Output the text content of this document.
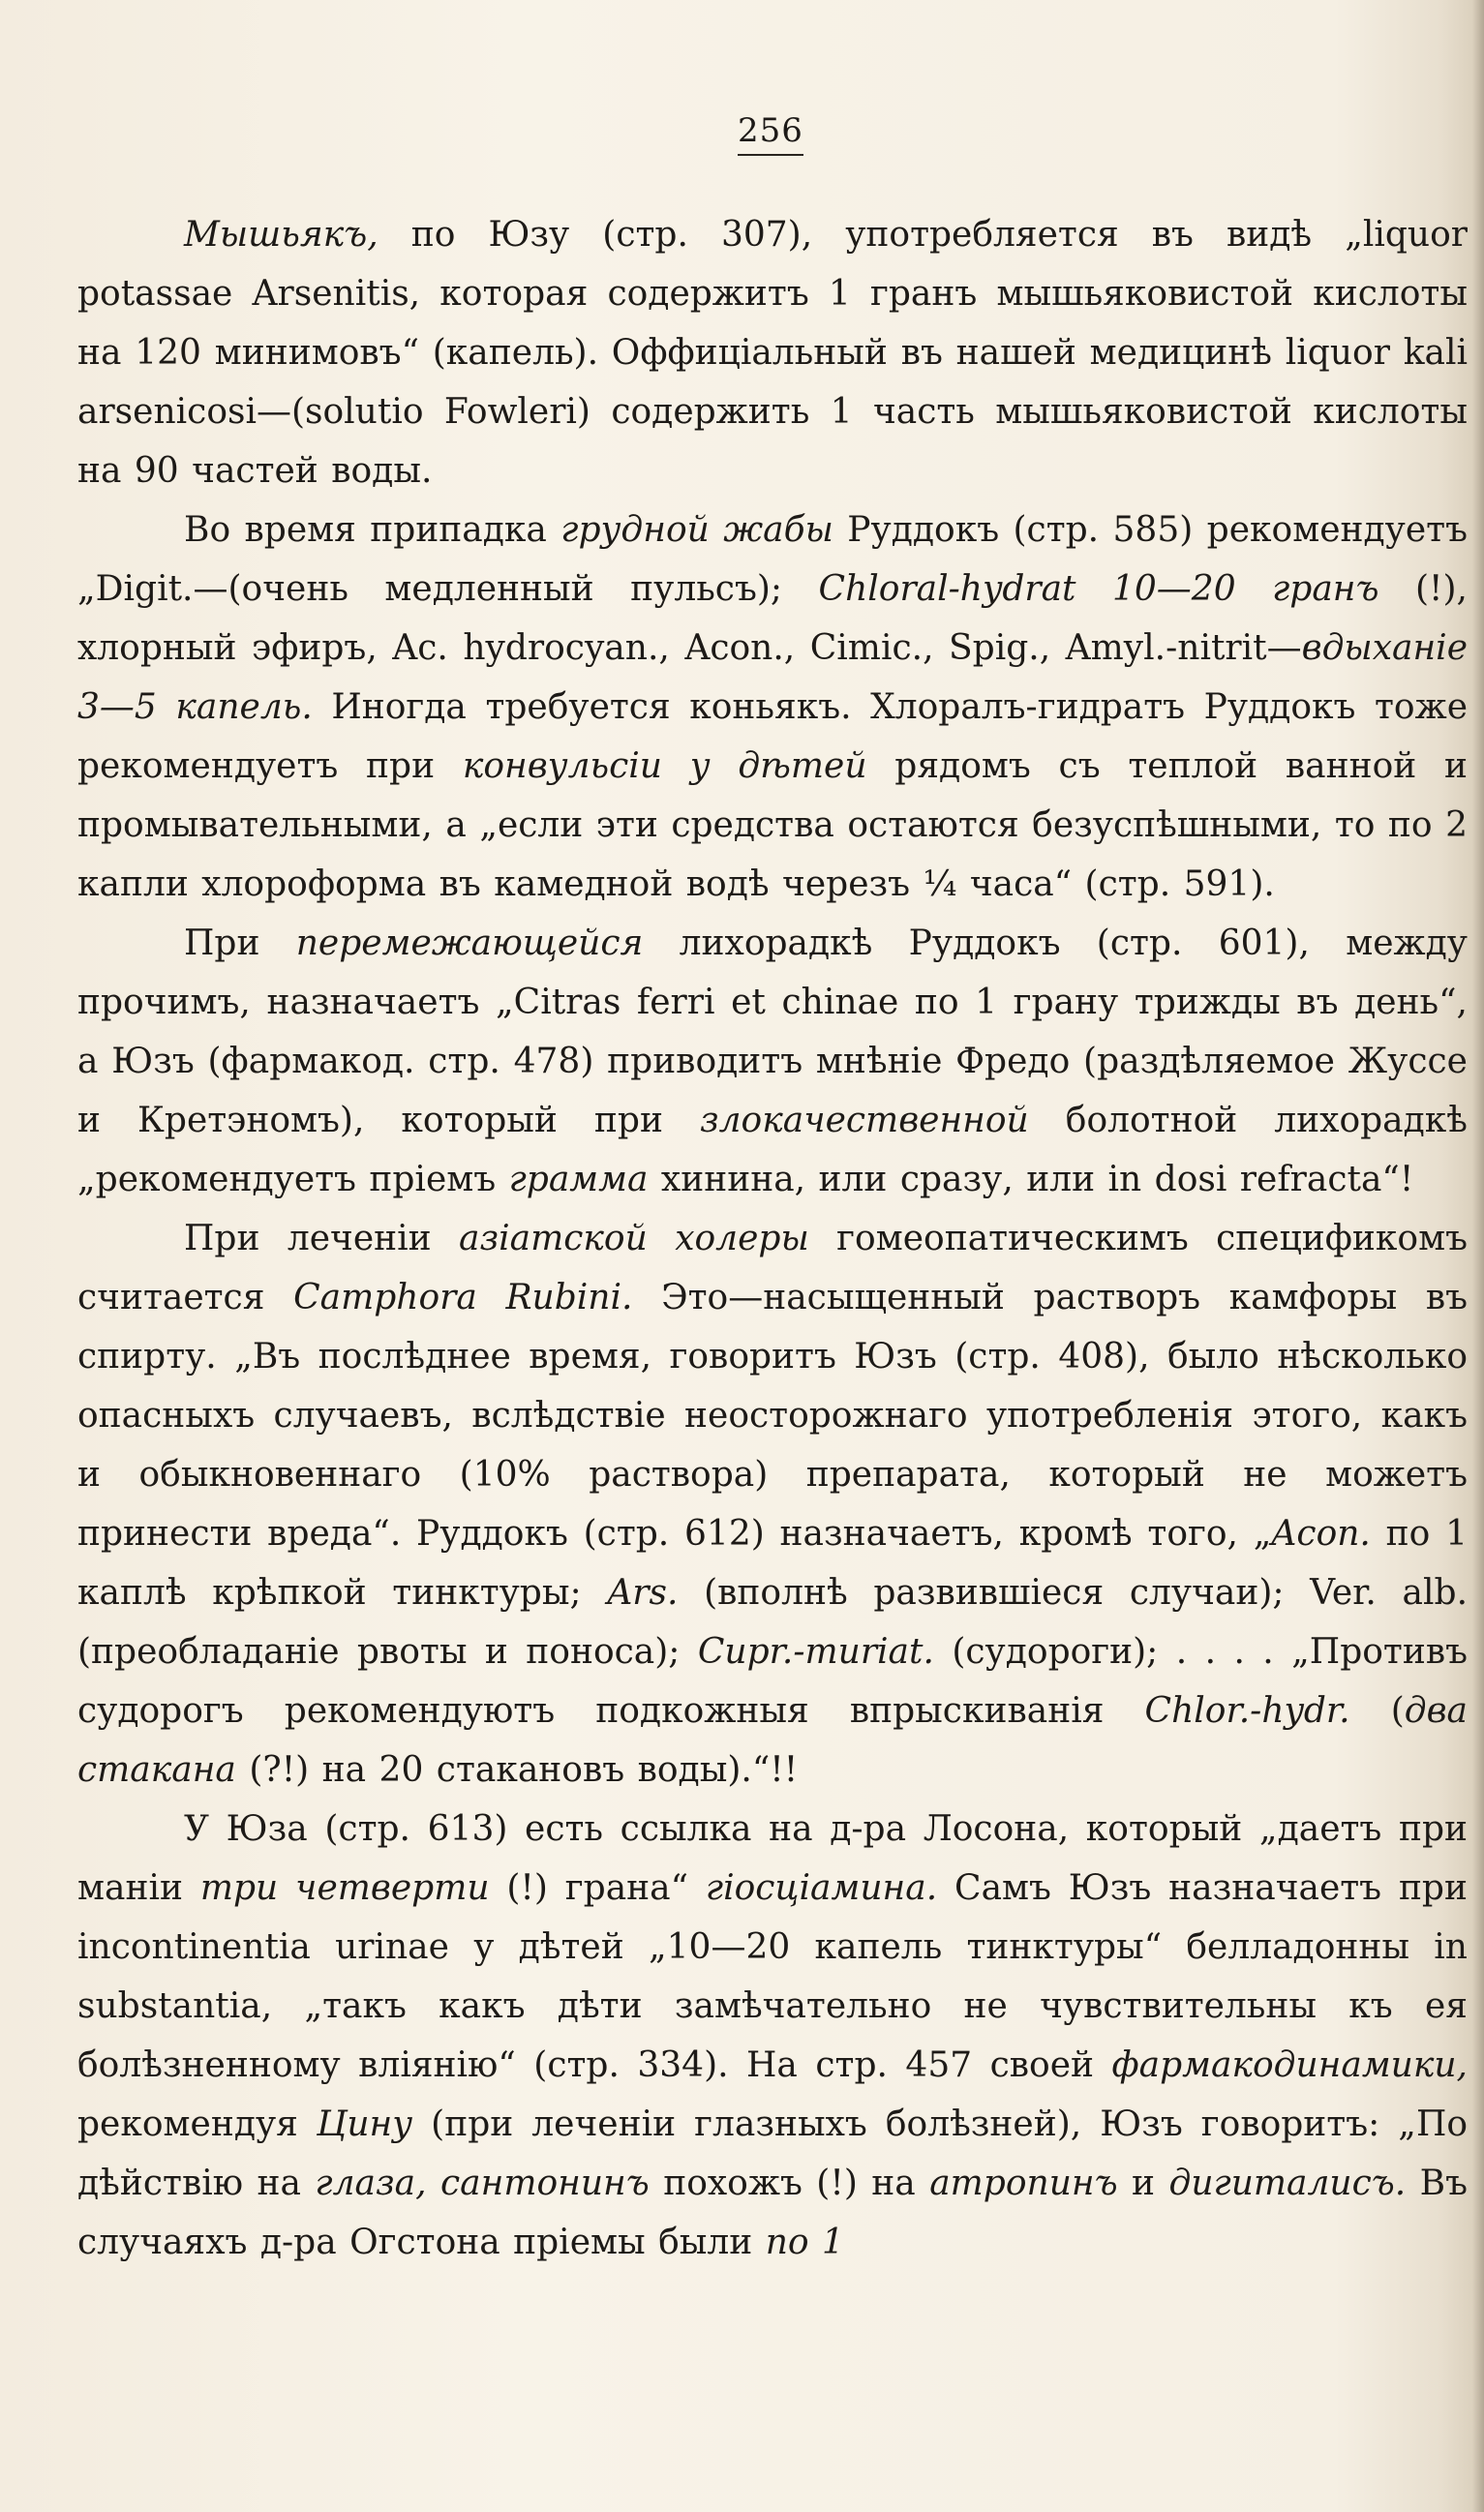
256

Мышьякъ, по Юзу (стр. 307), употребляется въ видѣ „liquor potassae Arsenitis, которая содержитъ 1 гранъ мышьяковистой кислоты на 120 минимовъ“ (капель). Оффиціальный въ нашей медицинѣ liquor kali arsenicosi—(solutio Fowleri) содержить 1 часть мышьяковистой кислоты на 90 частей воды.

Во время припадка грудной жабы Руддокъ (стр. 585) рекомендуетъ „Digit.—(очень медленный пульсъ); Chloral-hydrat 10—20 гранъ (!), хлорный эфиръ, Ac. hydrocyan., Acon., Cimic., Spig., Amyl.-nitrit—вдыханіе 3—5 капель. Иногда требуется коньякъ. Хлоралъ-гидратъ Руддокъ тоже рекомендуетъ при конвульсіи у дѣтей рядомъ съ теплой ванной и промывательными, а „если эти средства остаются безуспѣшными, то по 2 капли хлороформа въ камедной водѣ черезъ ¼ часа“ (стр. 591).

При перемежающейся лихорадкѣ Руддокъ (стр. 601), между прочимъ, назначаетъ „Citras ferri et chinae по 1 грану трижды въ день“, а Юзъ (фармакод. стр. 478) приводитъ мнѣніе Фредо (раздѣляемое Жуссе и Кретэномъ), который при злокачественной болотной лихорадкѣ „рекомендуетъ пріемъ грамма хинина, или сразу, или in dosi refracta“!

При леченіи азіатской холеры гомеопатическимъ спецификомъ считается Camphora Rubini. Это—насыщенный растворъ камфоры въ спирту. „Въ послѣднее время, говоритъ Юзъ (стр. 408), было нѣсколько опасныхъ случаевъ, вслѣдствіе неосторожнаго употребленія этого, какъ и обыкновеннаго (10% раствора) препарата, который не можетъ принести вреда“. Руддокъ (стр. 612) назначаетъ, кромѣ того, „Acon. по 1 каплѣ крѣпкой тинктуры; Ars. (вполнѣ развившіеся случаи); Ver. alb. (преобладаніе рвоты и поноса); Cupr.-muriat. (судороги); . . . . „Противъ судорогъ рекомендуютъ подкожныя впрыскиванія Chlor.-hydr. (два стакана (?!) на 20 стакановъ воды).“!!

У Юза (стр. 613) есть ссылка на д-ра Лосона, который „даетъ при маніи три четверти (!) грана“ гіосціамина. Самъ Юзъ назначаетъ при incontinentia urinae у дѣтей „10—20 капель тинктуры“ белладонны in substantia, „такъ какъ дѣти замѣчательно не чувствительны къ ея болѣзненному вліянію“ (стр. 334). На стр. 457 своей фармакодинамики, рекомендуя Цину (при леченіи глазныхъ болѣзней), Юзъ говоритъ: „По дѣйствію на глаза, сантонинъ похожъ (!) на атропинъ и дигиталисъ. Въ случаяхъ д-ра Огстона пріемы были по 1
